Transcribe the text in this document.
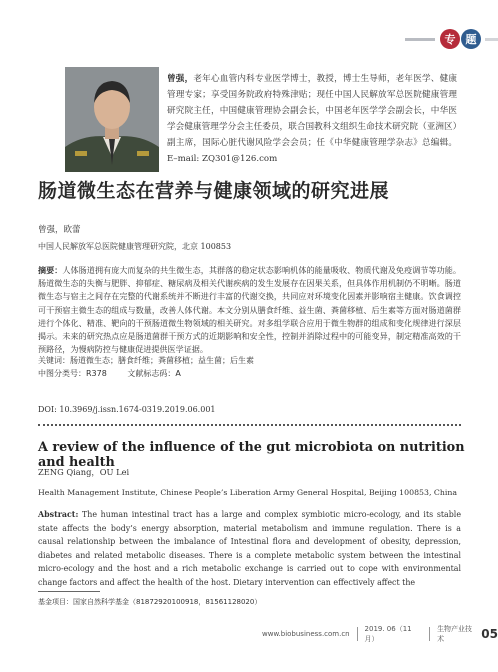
专 题
曾强，老年心血管内科专业医学博士，教授，博士生导师，老年医学、健康管理专家；享受国务院政府特殊津贴；现任中国人民解放军总医院健康管理研究院主任，中国健康管理协会副会长，中国老年医学学会副会长，中华医学会健康管理学分会主任委员，联合国教科文组织生命技术研究院（亚洲区）副主席，国际心脏代谢风险学会会员；任《中华健康管理学杂志》总编辑。E–mail: ZQ301@126.com
肠道微生态在营养与健康领域的研究进展
曾强，欧蕾
中国人民解放军总医院健康管理研究院，北京 100853
摘要：人体肠道拥有庞大而复杂的共生微生态，其群落的稳定状态影响机体的能量吸收、物质代谢及免疫调节等功能。肠道微生态的失衡与肥胖、抑郁症、糖尿病及相关代谢疾病的发生发展存在因果关系，但具体作用机制仍不明晰。肠道微生态与宿主之间存在完整的代谢系统并不断进行丰富的代谢交换，共同应对环境变化因素并影响宿主健康。饮食调控可干预宿主微生态的组成与数量，改善人体代谢。本文分别从膳食纤维、益生菌、粪菌移植、后生素等方面对肠道菌群进行个体化、精准、靶向的干预肠道微生物领域的相关研究。对多组学联合应用于微生物群的组成和变化规律进行深层揭示。未来的研究热点应是肠道菌群干预方式的近期影响和安全性，控制并消除过程中的可能变异，制定精准高效的干预路径，为慢病防控与健康促进提供医学证据。
关键词：肠道微生态；膳食纤维；粪菌移植；益生菌；后生素
中图分类号：R378	文献标志码：A
DOI: 10.3969/j.issn.1674-0319.2019.06.001
A review of the influence of the gut microbiota on nutrition and health
ZENG Qiang，OU Lei
Health Management Institute, Chinese People’s Liberation Army General Hospital, Beijing 100853, China
Abstract: The human intestinal tract has a large and complex symbiotic micro-ecology, and its stable state affects the body’s energy absorption, material metabolism and immune regulation. There is a causal relationship between the imbalance of Intestinal flora and development of obesity, depression, diabetes and related metabolic diseases. There is a complete metabolic system between the intestinal micro-ecology and the host and a rich metabolic exchange is carried out to cope with environmental change factors and affect the health of the host. Dietary intervention can effectively affect the
基金项目：国家自然科学基金（81872920100918，81561128020）
www.biobusiness.com.cn
2019. 06（11 月）
生物产业技术	05
